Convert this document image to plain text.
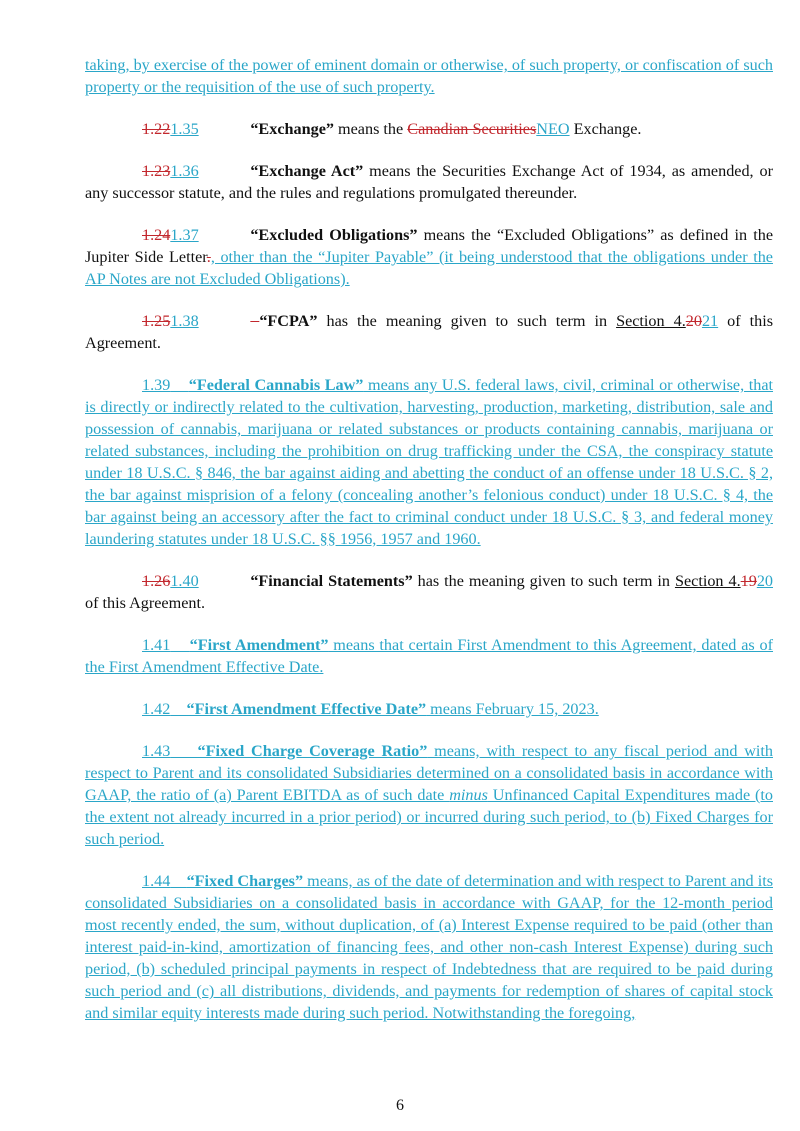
taking, by exercise of the power of eminent domain or otherwise, of such property, or confiscation of such property or the requisition of the use of such property.

1.221.35	“Exchange” means the Canadian SecuritiesNEO Exchange.

1.231.36	“Exchange Act” means the Securities Exchange Act of 1934, as amended, or any successor statute, and the rules and regulations promulgated thereunder.

1.241.37	“Excluded Obligations” means the “Excluded Obligations” as defined in the Jupiter Side Letter., other than the “Jupiter Payable” (it being understood that the obligations under the AP Notes are not Excluded Obligations).

1.251.38	“FCPA” has the meaning given to such term in Section 4.2021 of this Agreement.

1.39 “Federal Cannabis Law” means any U.S. federal laws, civil, criminal or otherwise, that is directly or indirectly related to the cultivation, harvesting, production, marketing, distribution, sale and possession of cannabis, marijuana or related substances or products containing cannabis, marijuana or related substances, including the prohibition on drug trafficking under the CSA, the conspiracy statute under 18 U.S.C. § 846, the bar against aiding and abetting the conduct of an offense under 18 U.S.C. § 2, the bar against misprision of a felony (concealing another’s felonious conduct) under 18 U.S.C. § 4, the bar against being an accessory after the fact to criminal conduct under 18 U.S.C. § 3, and federal money laundering statutes under 18 U.S.C. §§ 1956, 1957 and 1960.

1.261.40	“Financial Statements” has the meaning given to such term in Section 4.1920 of this Agreement.

1.41 “First Amendment” means that certain First Amendment to this Agreement, dated as of the First Amendment Effective Date.

1.42 “First Amendment Effective Date” means February 15, 2023.

1.43 “Fixed Charge Coverage Ratio” means, with respect to any fiscal period and with respect to Parent and its consolidated Subsidiaries determined on a consolidated basis in accordance with GAAP, the ratio of (a) Parent EBITDA as of such date minus Unfinanced Capital Expenditures made (to the extent not already incurred in a prior period) or incurred during such period, to (b) Fixed Charges for such period.

1.44 “Fixed Charges” means, as of the date of determination and with respect to Parent and its consolidated Subsidiaries on a consolidated basis in accordance with GAAP, for the 12-month period most recently ended, the sum, without duplication, of (a) Interest Expense required to be paid (other than interest paid-in-kind, amortization of financing fees, and other non-cash Interest Expense) during such period, (b) scheduled principal payments in respect of Indebtedness that are required to be paid during such period and (c) all distributions, dividends, and payments for redemption of shares of capital stock and similar equity interests made during such period. Notwithstanding the foregoing,

6
